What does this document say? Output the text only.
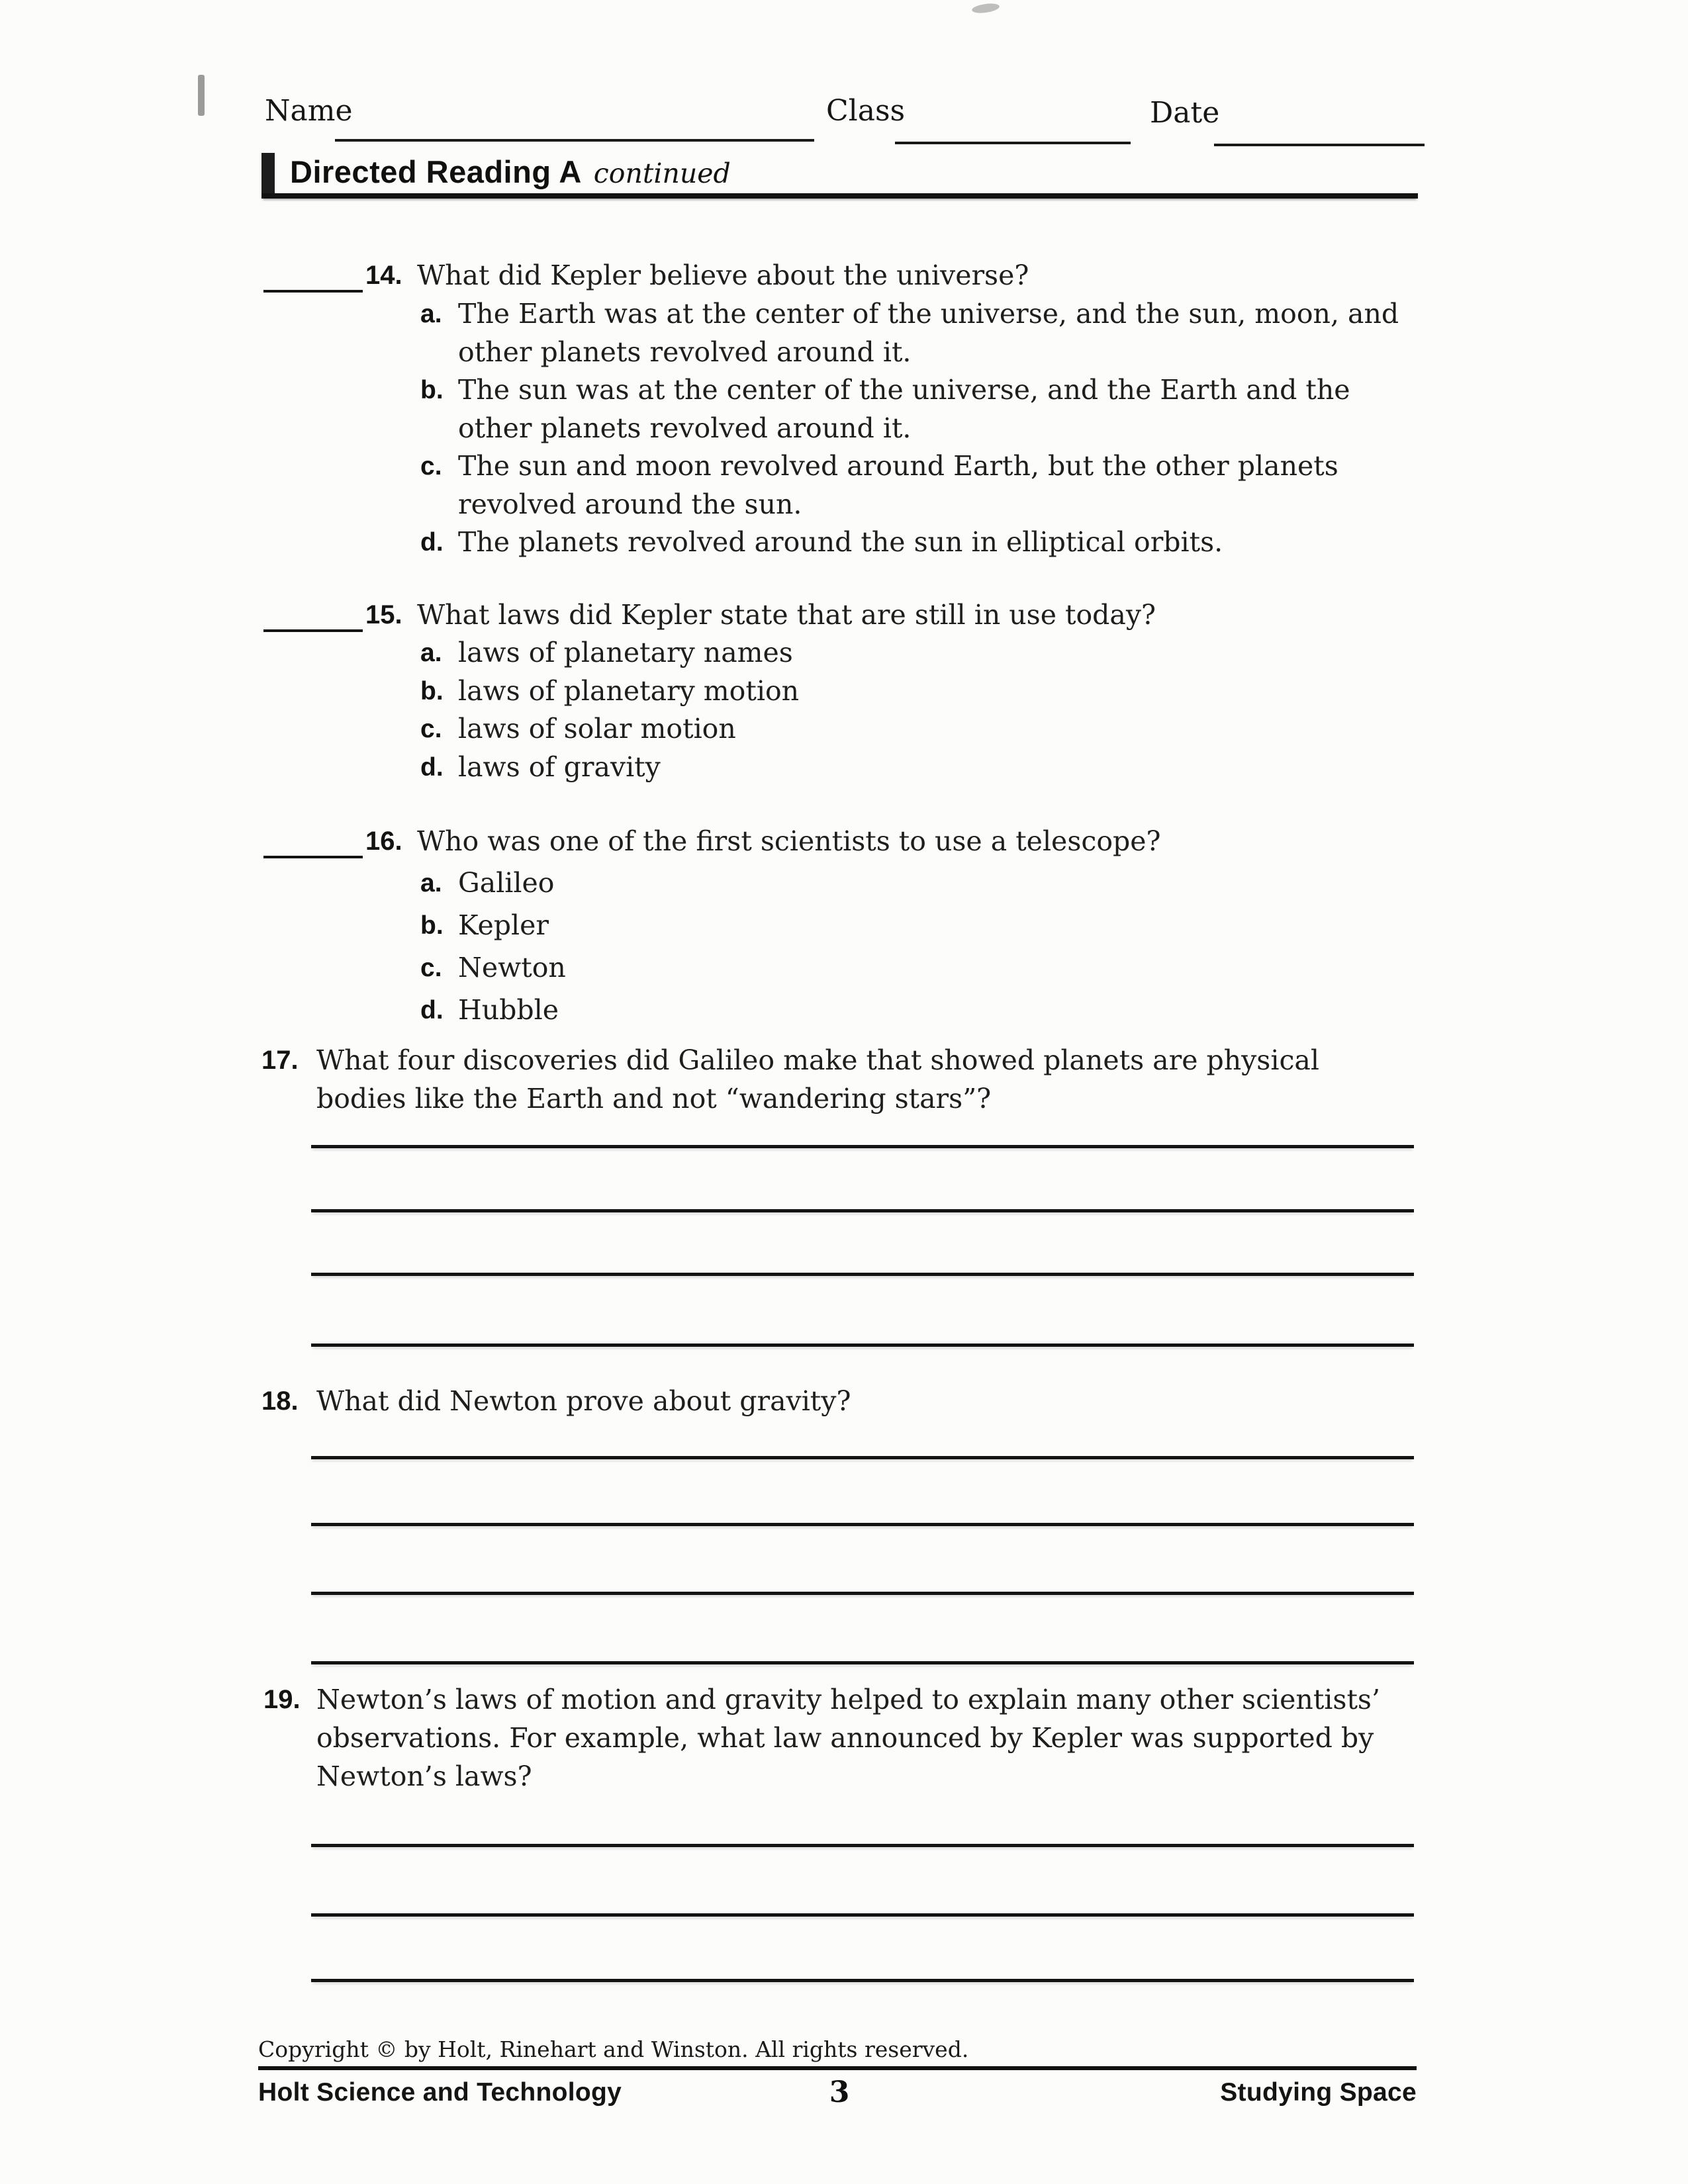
Name	Class	Date
Directed Reading A continued
14. What did Kepler believe about the universe?
a. The Earth was at the center of the universe, and the sun, moon, and
other planets revolved around it.
b. The sun was at the center of the universe, and the Earth and the
other planets revolved around it.
c. The sun and moon revolved around Earth, but the other planets
revolved around the sun.
d. The planets revolved around the sun in elliptical orbits.
15. What laws did Kepler state that are still in use today?
a. laws of planetary names
b. laws of planetary motion
c. laws of solar motion
d. laws of gravity
16. Who was one of the first scientists to use a telescope?
a. Galileo
b. Kepler
c. Newton
d. Hubble
17. What four discoveries did Galileo make that showed planets are physical
bodies like the Earth and not “wandering stars”?
18. What did Newton prove about gravity?
19. Newton’s laws of motion and gravity helped to explain many other scientists’
observations. For example, what law announced by Kepler was supported by
Newton’s laws?
Copyright © by Holt, Rinehart and Winston. All rights reserved.
Holt Science and Technology	3	Studying Space
